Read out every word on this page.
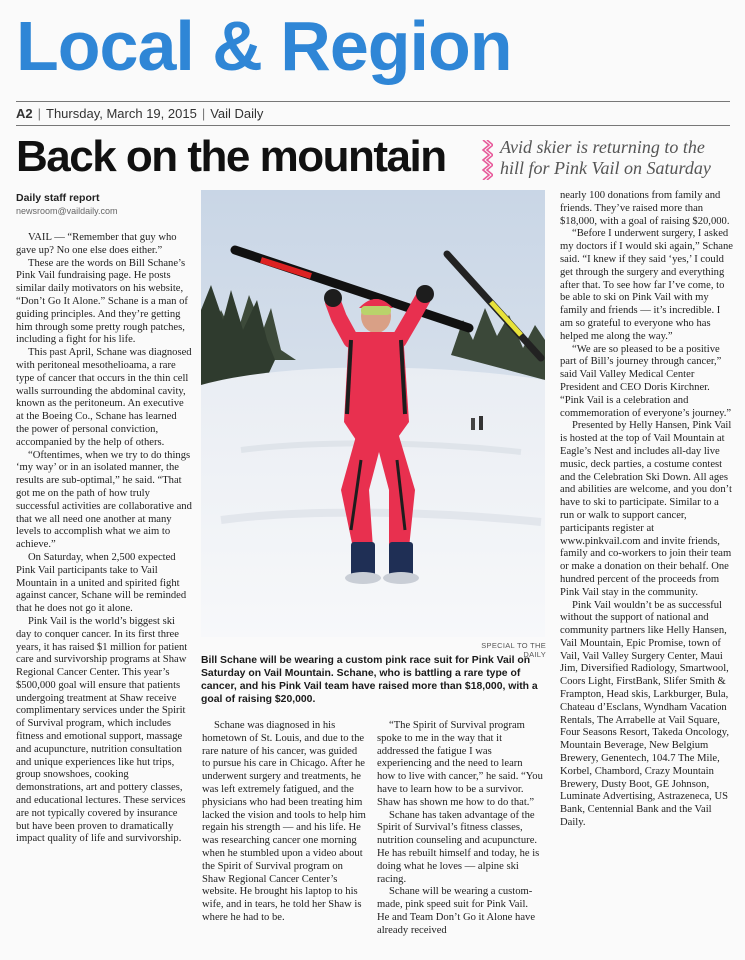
Local & Region
A2 | Thursday, March 19, 2015 | Vail Daily
Back on the mountain	Avid skier is returning to the hill for Pink Vail on Saturday
Daily staff report
newsroom@vaildaily.com

VAIL — “Remember that guy who gave up? No one else does either.”

These are the words on Bill Schane’s Pink Vail fundraising page. He posts similar daily motivators on his website, “Don’t Go It Alone.” Schane is a man of guiding principles. And they’re getting him through some pretty rough patches, including a fight for his life.

This past April, Schane was diagnosed with peritoneal mesothelioama, a rare type of cancer that occurs in the thin cell walls surrounding the abdominal cavity, known as the peritoneum. An executive at the Boeing Co., Schane has learned the power of personal conviction, accompanied by the help of others.

“Oftentimes, when we try to do things ‘my way’ or in an isolated manner, the results are sub-optimal,” he said. “That got me on the path of how truly successful activities are collaborative and that we all need one another at many levels to accomplish what we aim to achieve.”

On Saturday, when 2,500 expected Pink Vail participants take to Vail Mountain in a united and spirited fight against cancer, Schane will be reminded that he does not go it alone.

Pink Vail is the world’s biggest ski day to conquer cancer. In its first three years, it has raised $1 million for patient care and survivorship programs at Shaw Regional Cancer Center. This year’s $500,000 goal will ensure that patients undergoing treatment at Shaw receive complimentary services under the Spirit of Survival program, which includes fitness and emotional support, massage and acupuncture, nutrition consultation and unique experiences like hut trips, group snowshoes, cooking demonstrations, art and pottery classes, and educational lectures. These services are not typically covered by insurance but have been proven to dramatically impact quality of life and survivorship.

SPECIAL TO THE DAILY
Bill Schane will be wearing a custom pink race suit for Pink Vail on Saturday on Vail Mountain. Schane, who is battling a rare type of cancer, and his Pink Vail team have raised more than $18,000, with a goal of raising $20,000.

Schane was diagnosed in his hometown of St. Louis, and due to the rare nature of his cancer, was guided to pursue his care in Chicago. After he underwent surgery and treatments, he was left extremely fatigued, and the physicians who had been treating him lacked the vision and tools to help him regain his strength — and his life. He was researching cancer one morning when he stumbled upon a video about the Spirit of Survival program on Shaw Regional Cancer Center’s website. He brought his laptop to his wife, and in tears, he told her Shaw is where he had to be.

“The Spirit of Survival program spoke to me in the way that it addressed the fatigue I was experiencing and the need to learn how to live with cancer,” he said. “You have to learn how to be a survivor. Shaw has shown me how to do that.”

Schane has taken advantage of the Spirit of Survival’s fitness classes, nutrition counseling and acupuncture. He has rebuilt himself and today, he is doing what he loves — alpine ski racing.

Schane will be wearing a custom-made, pink speed suit for Pink Vail. He and Team Don’t Go it Alone have already received

nearly 100 donations from family and friends. They’ve raised more than $18,000, with a goal of raising $20,000.

“Before I underwent surgery, I asked my doctors if I would ski again,” Schane said. “I knew if they said ‘yes,’ I could get through the surgery and everything after that. To see how far I’ve come, to be able to ski on Pink Vail with my family and friends — it’s incredible. I am so grateful to everyone who has helped me along the way.”

“We are so pleased to be a positive part of Bill’s journey through cancer,” said Vail Valley Medical Center President and CEO Doris Kirchner. “Pink Vail is a celebration and commemoration of everyone’s journey.”

Presented by Helly Hansen, Pink Vail is hosted at the top of Vail Mountain at Eagle’s Nest and includes all-day live music, deck parties, a costume contest and the Celebration Ski Down. All ages and abilities are welcome, and you don’t have to ski to participate. Similar to a run or walk to support cancer, participants register at www.pinkvail.com and invite friends, family and co-workers to join their team or make a donation on their behalf. One hundred percent of the proceeds from Pink Vail stay in the community.

Pink Vail wouldn’t be as successful without the support of national and community partners like Helly Hansen, Vail Mountain, Epic Promise, town of Vail, Vail Valley Surgery Center, Maui Jim, Diversified Radiology, Smartwool, Coors Light, FirstBank, Slifer Smith & Frampton, Head skis, Larkburger, Bula, Chateau d’Esclans, Wyndham Vacation Rentals, The Arrabelle at Vail Square, Four Seasons Resort, Takeda Oncology, Mountain Beverage, New Belgium Brewery, Genentech, 104.7 The Mile, Korbel, Chambord, Crazy Mountain Brewery, Dusty Boot, GE Johnson, Luminate Advertising, Astrazeneca, US Bank, Centennial Bank and the Vail Daily.
